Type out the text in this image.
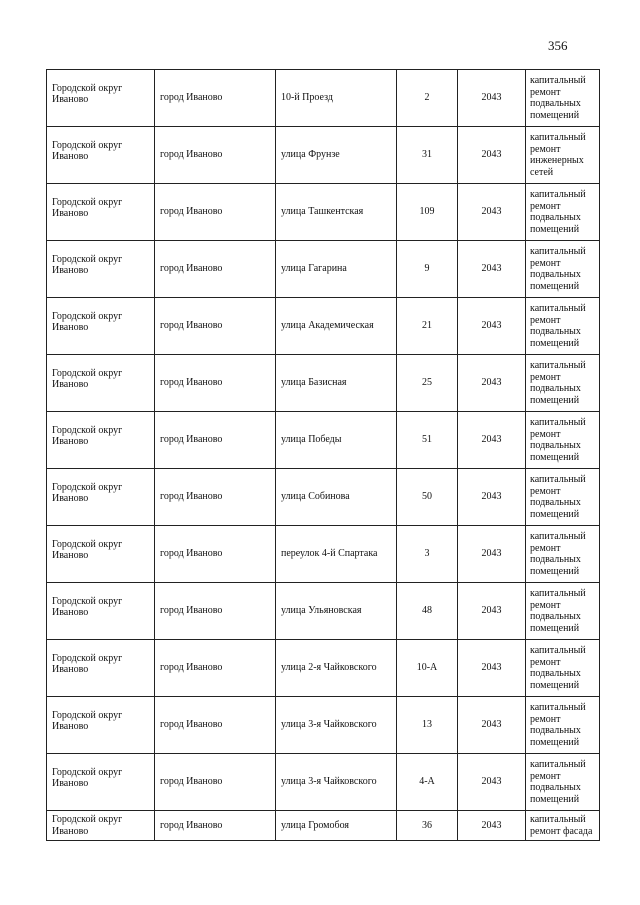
356
Городской округ Иваново	город Иваново	10-й Проезд	2	2043	капитальный ремонт подвальных помещений

Городской округ Иваново	город Иваново	улица Фрунзе	31	2043	капитальный ремонт инженерных сетей

Городской округ Иваново	город Иваново	улица Ташкентская	109	2043	капитальный ремонт подвальных помещений

Городской округ Иваново	город Иваново	улица Гагарина	9	2043	капитальный ремонт подвальных помещений

Городской округ Иваново	город Иваново	улица Академическая	21	2043	капитальный ремонт подвальных помещений

Городской округ Иваново	город Иваново	улица Базисная	25	2043	капитальный ремонт подвальных помещений

Городской округ Иваново	город Иваново	улица Победы	51	2043	капитальный ремонт подвальных помещений

Городской округ Иваново	город Иваново	улица Собинова	50	2043	капитальный ремонт подвальных помещений

Городской округ Иваново	город Иваново	переулок 4-й Спартака	3	2043	капитальный ремонт подвальных помещений

Городской округ Иваново	город Иваново	улица Ульяновская	48	2043	капитальный ремонт подвальных помещений

Городской округ Иваново	город Иваново	улица 2-я Чайковского	10-А	2043	капитальный ремонт подвальных помещений

Городской округ Иваново	город Иваново	улица 3-я Чайковского	13	2043	капитальный ремонт подвальных помещений

Городской округ Иваново	город Иваново	улица 3-я Чайковского	4-А	2043	капитальный ремонт подвальных помещений
Городской округ Иваново	город Иваново	улица Громобоя	36	2043	капитальный ремонт фасада
